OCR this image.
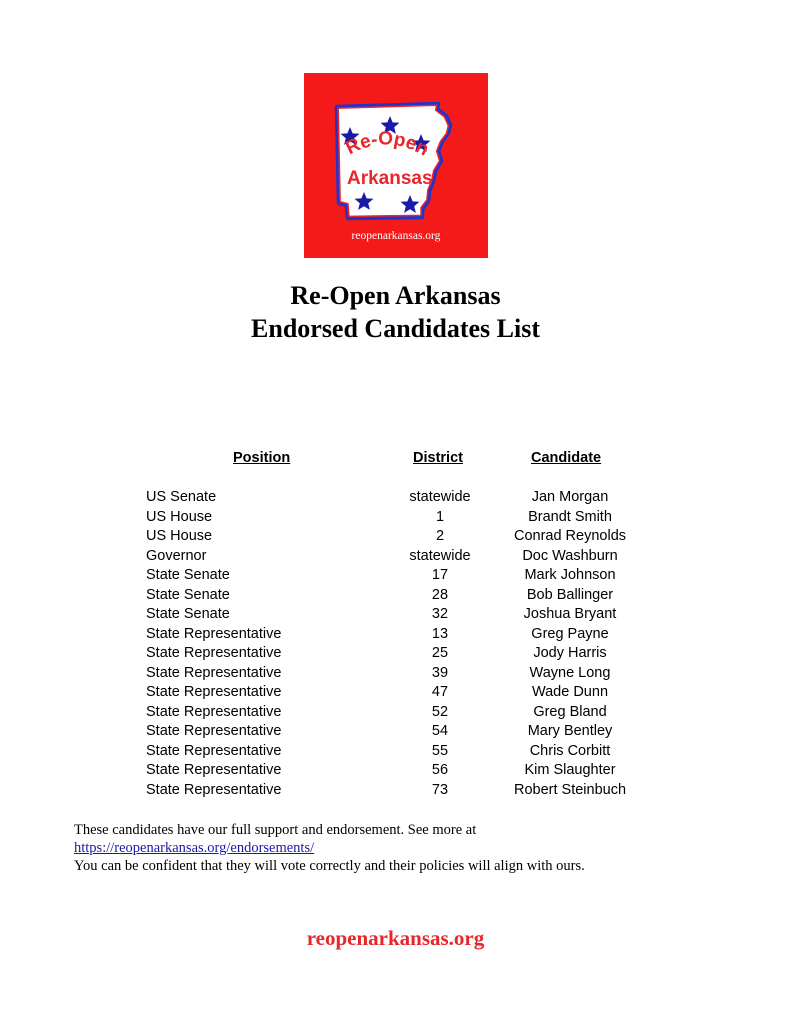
Re-Open
Arkansas
reopenarkansas.org
Re-Open Arkansas
Endorsed Candidates List
Position	District	Candidate
US Senate	statewide	Jan Morgan
US House	1	Brandt Smith
US House	2	Conrad Reynolds
Governor	statewide	Doc Washburn
State Senate	17	Mark Johnson
State Senate	28	Bob Ballinger
State Senate	32	Joshua Bryant
State Representative	13	Greg Payne
State Representative	25	Jody Harris
State Representative	39	Wayne Long
State Representative	47	Wade Dunn
State Representative	52	Greg Bland
State Representative	54	Mary Bentley
State Representative	55	Chris Corbitt
State Representative	56	Kim Slaughter
State Representative	73	Robert Steinbuch
These candidates have our full support and endorsement. See more at
https://reopenarkansas.org/endorsements/
You can be confident that they will vote correctly and their policies will align with ours.
reopenarkansas.org
